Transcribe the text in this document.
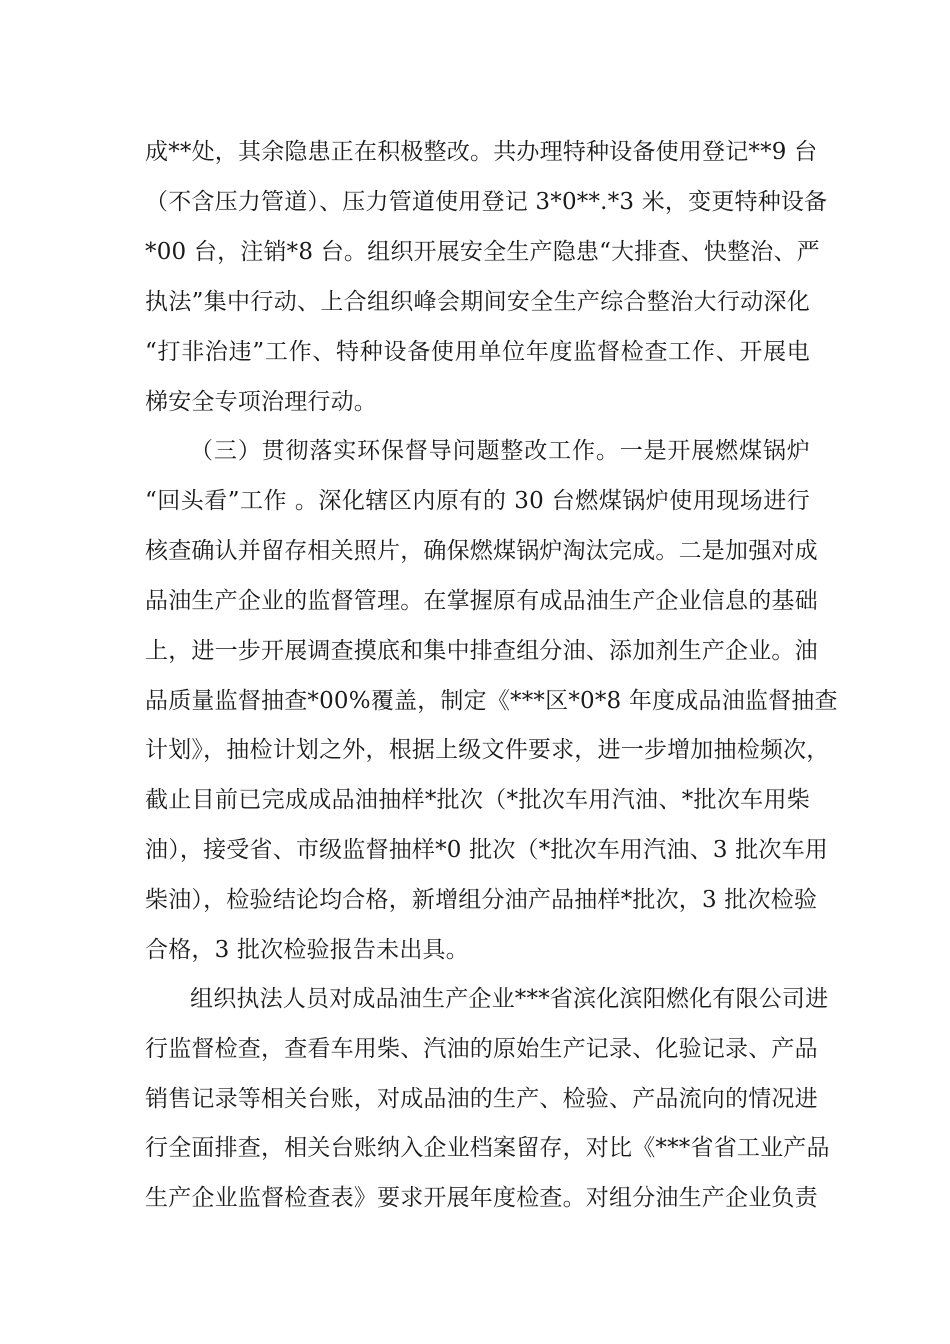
成**处，其余隐患正在积极整改。共办理特种设备使用登记**9 台
（不含压力管道）、压力管道使用登记 3*0**.*3 米，变更特种设备
*00 台，注销*8 台。组织开展安全生产隐患“大排查、快整治、严
执法”集中行动、上合组织峰会期间安全生产综合整治大行动深化
“打非治违”工作、特种设备使用单位年度监督检查工作、开展电
梯安全专项治理行动。
（三）贯彻落实环保督导问题整改工作。一是开展燃煤锅炉
“回头看”工作 。深化辖区内原有的 30 台燃煤锅炉使用现场进行
核查确认并留存相关照片，确保燃煤锅炉淘汰完成。二是加强对成
品油生产企业的监督管理。在掌握原有成品油生产企业信息的基础
上，进一步开展调查摸底和集中排查组分油、添加剂生产企业。油
品质量监督抽查*00%覆盖，制定《***区*0*8 年度成品油监督抽查
计划》，抽检计划之外，根据上级文件要求，进一步增加抽检频次，
截止目前已完成成品油抽样*批次（*批次车用汽油、*批次车用柴
油），接受省、市级监督抽样*0 批次（*批次车用汽油、3 批次车用
柴油），检验结论均合格，新增组分油产品抽样*批次，3 批次检验
合格，3 批次检验报告未出具。
组织执法人员对成品油生产企业***省滨化滨阳燃化有限公司进
行监督检查，查看车用柴、汽油的原始生产记录、化验记录、产品
销售记录等相关台账，对成品油的生产、检验、产品流向的情况进
行全面排查，相关台账纳入企业档案留存，对比《***省省工业产品
生产企业监督检查表》要求开展年度检查。对组分油生产企业负责
